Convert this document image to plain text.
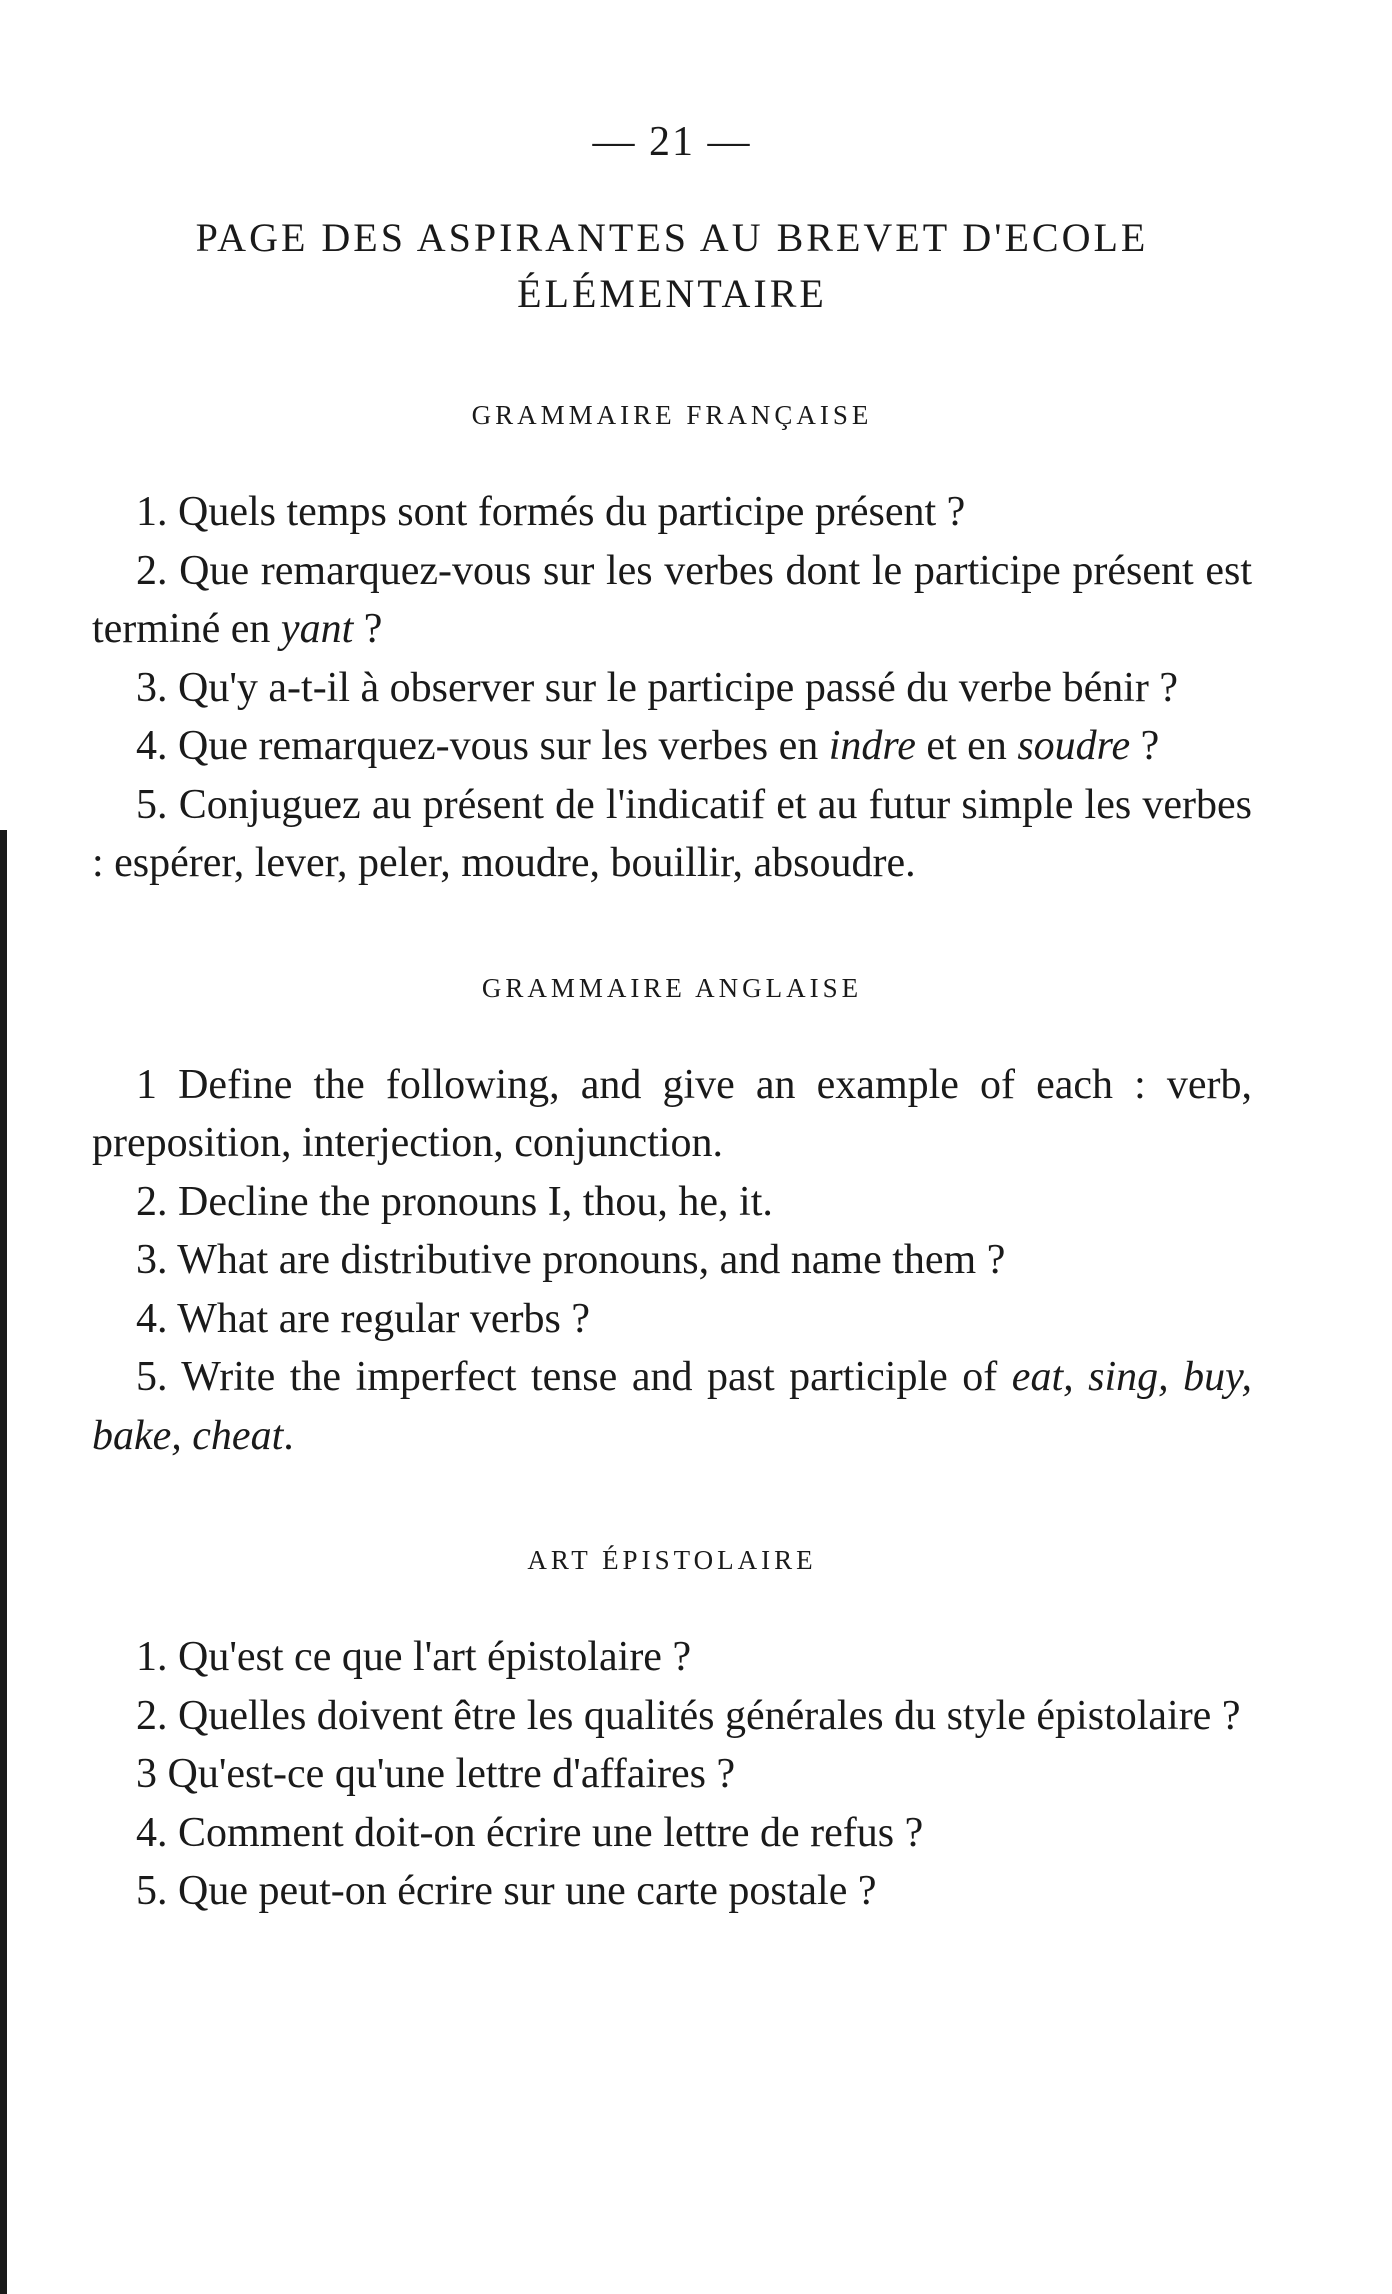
— 21 —
PAGE DES ASPIRANTES AU BREVET D'ECOLE
ÉLÉMENTAIRE
GRAMMAIRE FRANÇAISE

1. Quels temps sont formés du participe présent ?

2. Que remarquez-vous sur les verbes dont le participe présent est terminé en yant ?

3. Qu'y a-t-il à observer sur le participe passé du verbe bénir ?

4. Que remarquez-vous sur les verbes en indre et en soudre ?

5. Conjuguez au présent de l'indicatif et au futur simple les verbes : espérer, lever, peler, moudre, bouillir, absoudre.

GRAMMAIRE ANGLAISE

1 Define the following, and give an example of each : verb, preposition, interjection, conjunction.

2. Decline the pronouns I, thou, he, it.

3. What are distributive pronouns, and name them ?

4. What are regular verbs ?

5. Write the imperfect tense and past participle of eat, sing, buy, bake, cheat.

ART ÉPISTOLAIRE

1. Qu'est ce que l'art épistolaire ?

2. Quelles doivent être les qualités générales du style épistolaire ?

3 Qu'est-ce qu'une lettre d'affaires ?

4. Comment doit-on écrire une lettre de refus ?

5. Que peut-on écrire sur une carte postale ?
